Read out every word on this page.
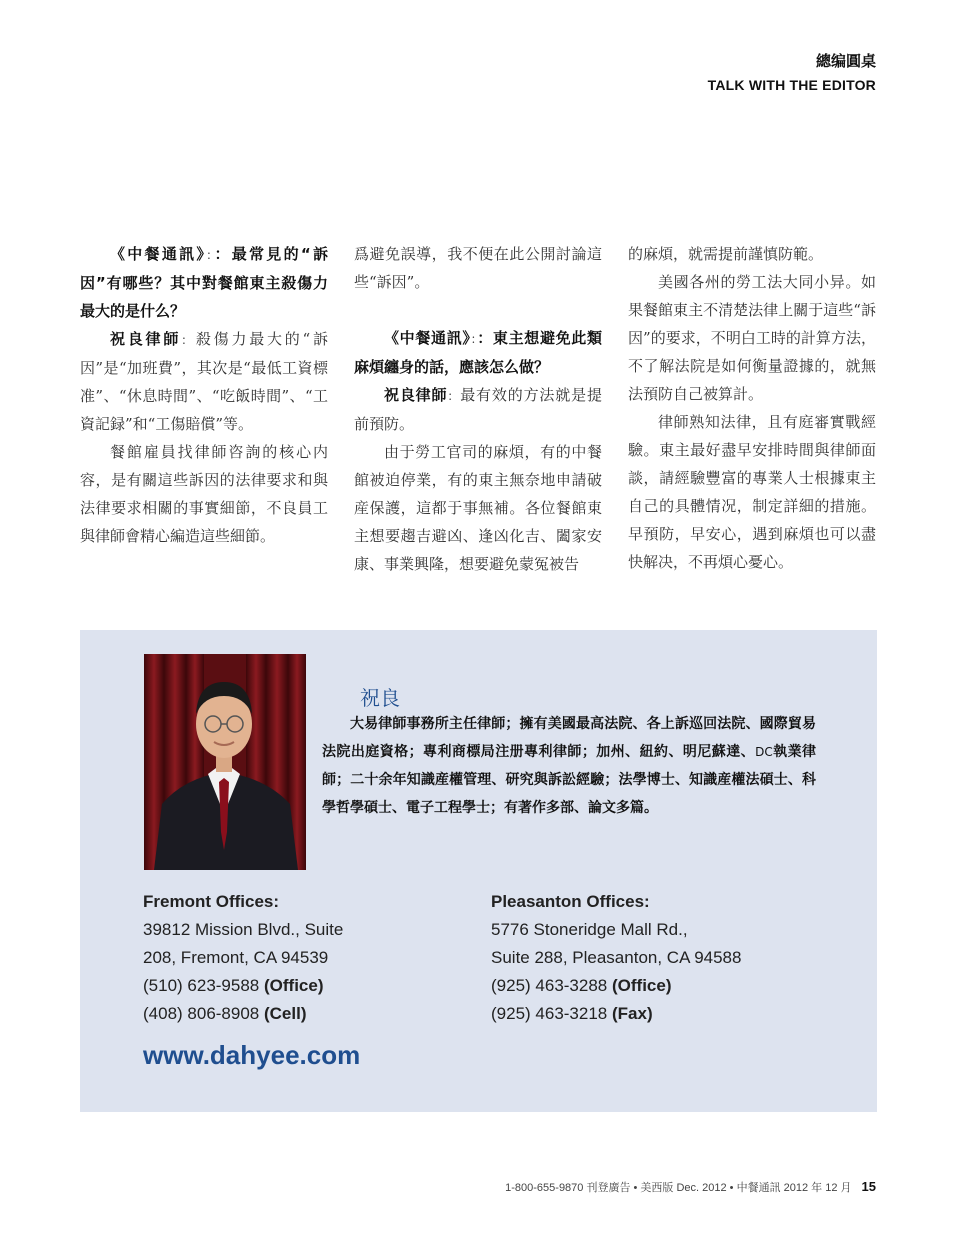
總编圓桌
TALK WITH THE EDITOR

《中餐通訊》：：最常見的“訴因”有哪些？其中對餐館東主殺傷力最大的是什么？

祝良律師：殺傷力最大的“訴因”是“加班費”，其次是“最低工資標准”、“休息時間”、“吃飯時間”、“工資記録”和“工傷賠償”等。

餐館雇員找律師咨詢的核心内容，是有關這些訴因的法律要求和與法律要求相關的事實細節，不良員工與律師會精心編造這些細節。

爲避免誤導，我不便在此公開討論這些“訴因”。

《中餐通訊》：：東主想避免此類麻煩纏身的話，應該怎么做？

祝良律師：最有效的方法就是提前預防。

由于勞工官司的麻煩，有的中餐館被迫停業，有的東主無奈地申請破産保護，這都于事無補。各位餐館東主想要趨吉避凶、逢凶化吉、闔家安康、事業興隆，想要避免蒙冤被告

的麻煩，就需提前謹慎防範。

美國各州的勞工法大同小异。如果餐館東主不清楚法律上關于這些“訴因”的要求，不明白工時的計算方法，不了解法院是如何衡量證據的，就無法預防自己被算計。

律師熟知法律，且有庭審實戰經驗。東主最好盡早安排時間與律師面談，請經驗豐富的專業人士根據東主自己的具體情况，制定詳細的措施。早預防，早安心，遇到麻煩也可以盡快解决，不再煩心憂心。

祝良
大易律師事務所主任律師；擁有美國最高法院、各上訴巡回法院、國際貿易法院出庭資格；專利商標局注册專利律師；加州、紐約、明尼蘇達、DC執業律師；二十余年知識産權管理、研究與訴訟經驗；法學博士、知識産權法碩士、科學哲學碩士、電子工程學士；有著作多部、論文多篇。
Fremont Offices:
39812 Mission Blvd., Suite
208, Fremont, CA 94539
(510) 623-9588 (Office)
(408) 806-8908 (Cell)
Pleasanton Offices:
5776 Stoneridge Mall Rd.,
Suite 288, Pleasanton, CA 94588
(925) 463-3288 (Office)
(925) 463-3218 (Fax)
www.dahyee.com
1-800-655-9870 刊登廣告 • 美西版 Dec. 2012 • 中餐通訊 2012 年 12 月 15
